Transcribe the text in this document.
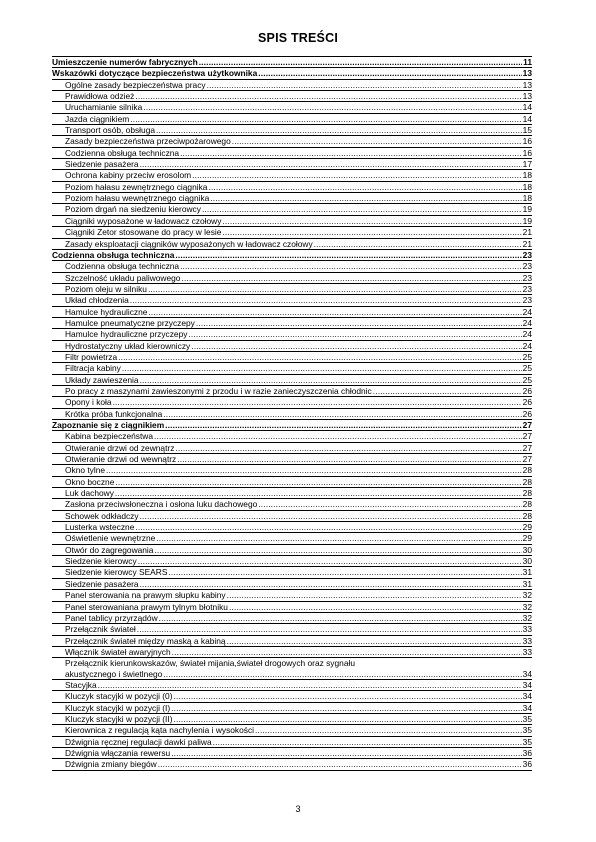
SPIS TREŚCI
Umieszczenie numerów fabrycznych .....	11
Wskazówki dotyczące bezpieczeństwa użytkownika .....	13
Ogólne zasady bezpieczeństwa pracy .....	13
Prawidłowa odzież .....	13
Uruchamianie silnika .....	14
Jazda ciągnikiem .....	14
Transport osób, obsługa .....	15
Zasady bezpieczeństwa przeciwpożarowego .....	16
Codzienna obsługa techniczna .....	16
Siedzenie pasażera .....	17
Ochrona kabiny przeciw erosolom .....	18
Poziom hałasu zewnętrznego ciągnika .....	18
Poziom hałasu wewnętrznego ciągnika .....	18
Poziom drgań na siedzeniu kierowcy .....	19
Ciągniki wyposażone w ładowacz czołowy .....	19
Ciągniki Zetor stosowane do pracy w lesie .....	21
Zasady eksploatacji ciągników wyposażonych w ładowacz czołowy .....	21
Codzienna obsługa techniczna .....	23
Codzienna obsługa techniczna .....	23
Szczelność układu paliwowego .....	23
Poziom oleju w silniku .....	23
Układ chłodzenia .....	23
Hamulce hydrauliczne .....	24
Hamulce pneumatyczne przyczepy .....	24
Hamulce hydrauliczne przyczepy .....	24
Hydrostatyczny układ kierowniczy .....	24
Filtr powietrza .....	25
Filtracja kabiny .....	25
Układy zawieszenia .....	25
Po pracy z maszynami zawieszonymi z przodu i w razie zanieczyszczenia chłodnic .....	26
Opony i koła .....	26
Krótka próba funkcjonalna .....	26
Zapoznanie się z ciągnikiem .....	27
Kabina bezpieczeństwa .....	27
Otwieranie drzwi od zewnątrz .....	27
Otwieranie drzwi od wewnątrz .....	27
Okno tylne .....	28
Okno boczne .....	28
Luk dachowy .....	28
Zasłona przeciwsłoneczna i osłona luku dachowego .....	28
Schowek odkładczy .....	28
Lusterka wsteczne .....	29
Oświetlenie wewnętrzne .....	29
Otwór do zagregowania .....	30
Siedzenie kierowcy .....	30
Siedzenie kierowcy SEARS .....	31
Siedzenie pasażera .....	31
Panel sterowania na prawym słupku kabiny .....	32
Panel sterowaniana prawym tylnym błotniku .....	32
Panel tablicy przyrządów .....	32
Przełącznik świateł .....	33
Przełącznik świateł między maską a kabiną .....	33
Włącznik świateł awaryjnych .....	33
Przełącznik kierunkowskazów, świateł mijania,świateł drogowych oraz sygnału
akustycznego i świetlnego .....	34
Stacyjka .....	34
Kluczyk stacyjki w pozycji (0) .....	34
Kluczyk stacyjki w pozycji (I) .....	34
Kluczyk stacyjki w pozycji (II) .....	35
Kierownica z regulacją kąta nachylenia i wysokości .....	35
Dźwignia ręcznej regulacji dawki paliwa .....	35
Dźwignia włączania rewersu .....	36
Dźwignia zmiany biegów .....	36
3
